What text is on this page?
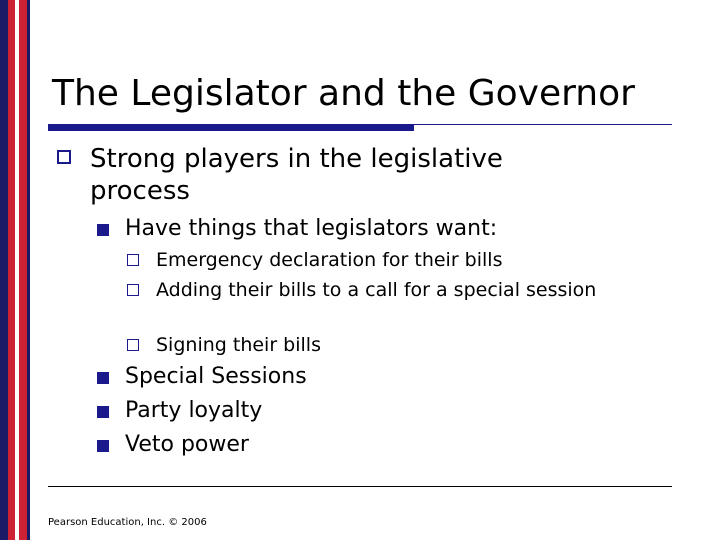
The Legislator and the Governor
Strong players in the legislative process
Have things that legislators want:
Emergency declaration for their bills
Adding their bills to a call for a special session
Signing their bills
Special Sessions
Party loyalty
Veto power
Pearson Education, Inc. © 2006
